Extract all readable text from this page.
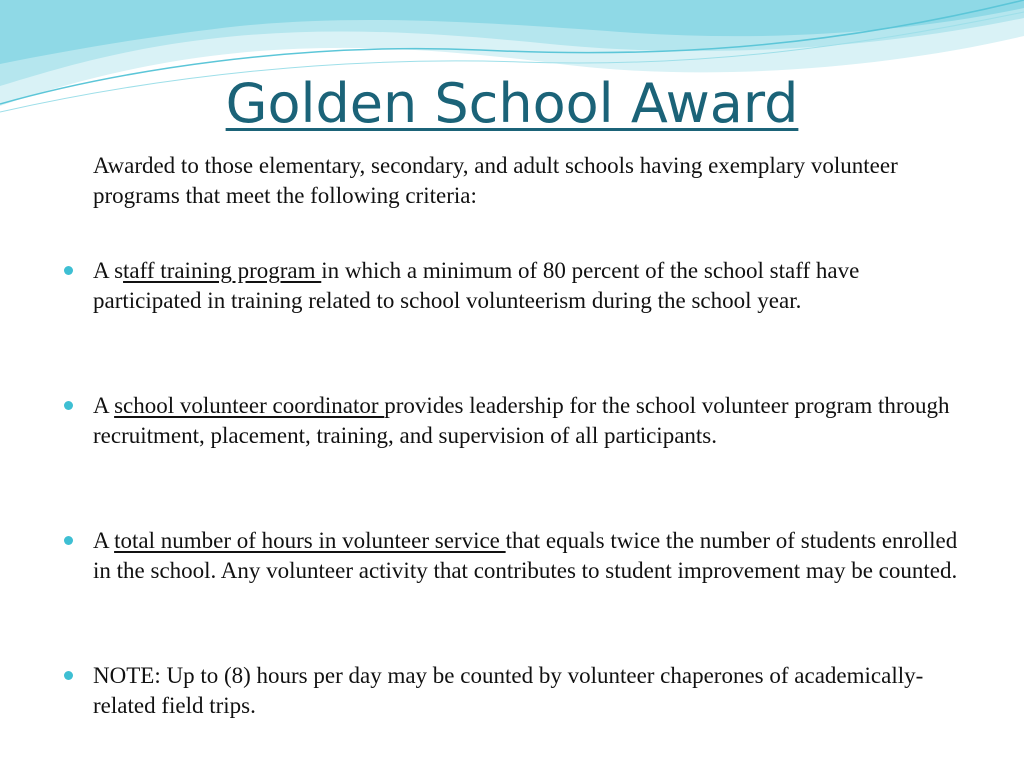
Golden School Award

Awarded to those elementary, secondary, and adult schools having exemplary volunteer programs that meet the following criteria:

A staff training program in which a minimum of 80 percent of the school staff have participated in training related to school volunteerism during the school year.

A school volunteer coordinator provides leadership for the school volunteer program through recruitment, placement, training, and supervision of all participants.

A total number of hours in volunteer service that equals twice the number of students enrolled in the school. Any volunteer activity that contributes to student improvement may be counted.

NOTE: Up to (8) hours per day may be counted by volunteer chaperones of academically-related field trips.
